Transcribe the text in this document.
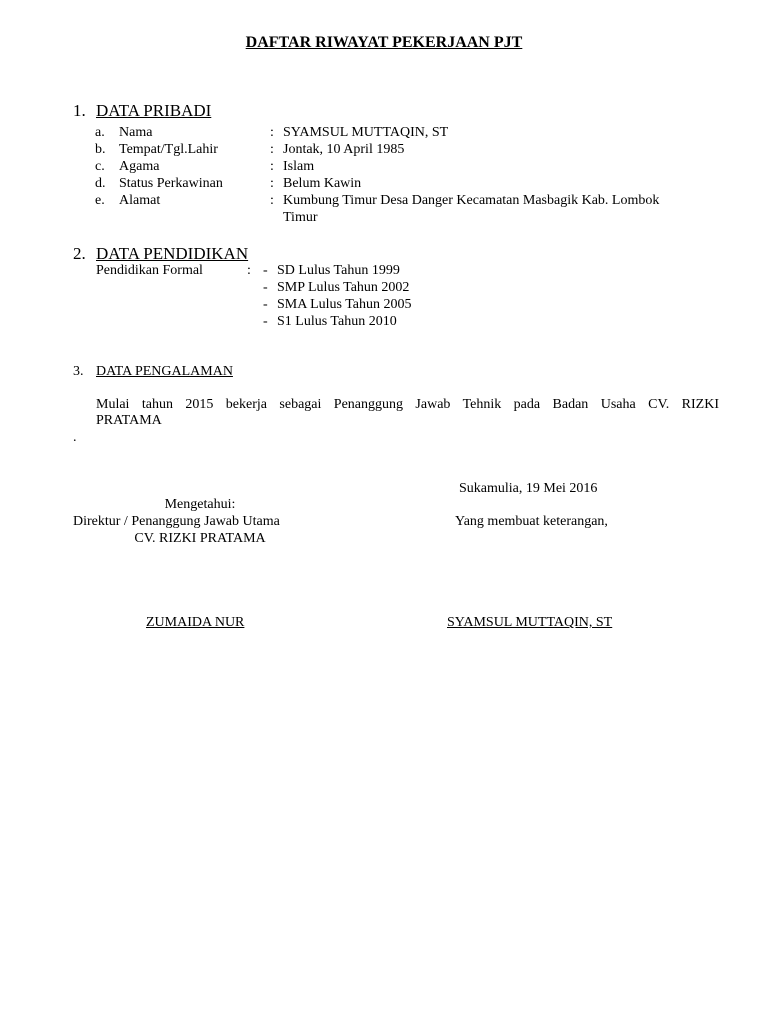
DAFTAR RIWAYAT PEKERJAAN PJT
1. DATA PRIBADI
a. Nama	: SYAMSUL MUTTAQIN, ST
b. Tempat/Tgl.Lahir	: Jontak, 10 April 1985
c. Agama	: Islam
d. Status Perkawinan	: Belum Kawin
e. Alamat	: Kumbung Timur Desa Danger Kecamatan Masbagik Kab. Lombok
Timur
2. DATA PENDIDIKAN
Pendidikan Formal	: - SD Lulus Tahun 1999
- SMP Lulus Tahun 2002
- SMA Lulus Tahun 2005
- S1 Lulus Tahun 2010
3. DATA PENGALAMAN
Mulai tahun 2015 bekerja sebagai Penanggung Jawab Tehnik pada Badan Usaha CV. RIZKI
PRATAMA
.
Sukamulia, 19 Mei 2016
Mengetahui:
Direktur / Penanggung Jawab Utama	Yang membuat keterangan,
CV. RIZKI PRATAMA
ZUMAIDA NUR	SYAMSUL MUTTAQIN, ST
